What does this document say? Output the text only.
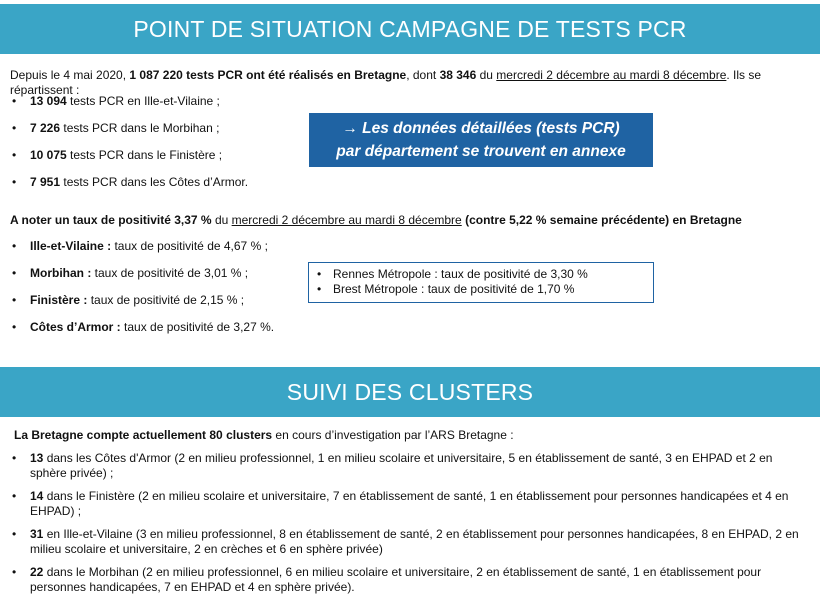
POINT DE SITUATION CAMPAGNE DE TESTS PCR
Depuis le 4 mai 2020, 1 087 220 tests PCR ont été réalisés en Bretagne, dont 38 346 du mercredi 2 décembre au mardi 8 décembre. Ils se répartissent :
• 13 094 tests PCR en Ille-et-Vilaine ;
• 7 226 tests PCR dans le Morbihan ;
• 10 075 tests PCR dans le Finistère ;
• 7 951 tests PCR dans les Côtes d’Armor.
→ Les données détaillées (tests PCR)
par département se trouvent en annexe
A noter un taux de positivité 3,37 % du mercredi 2 décembre au mardi 8 décembre (contre 5,22 % semaine précédente) en Bretagne
• Ille-et-Vilaine : taux de positivité de 4,67 % ;
• Morbihan : taux de positivité de 3,01 % ;
• Finistère : taux de positivité de 2,15 % ;
• Côtes d’Armor : taux de positivité de 3,27 %.
• Rennes Métropole : taux de positivité de 3,30 %
• Brest Métropole : taux de positivité de 1,70 %
SUIVI DES CLUSTERS
La Bretagne compte actuellement 80 clusters en cours d’investigation par l’ARS Bretagne :
• 13 dans les Côtes d'Armor (2 en milieu professionnel, 1 en milieu scolaire et universitaire, 5 en établissement de santé, 3 en EHPAD et 2 en sphère privée) ;
• 14 dans le Finistère (2 en milieu scolaire et universitaire, 7 en établissement de santé, 1 en établissement pour personnes handicapées et 4 en EHPAD) ;
• 31 en Ille-et-Vilaine (3 en milieu professionnel, 8 en établissement de santé, 2 en établissement pour personnes handicapées, 8 en EHPAD, 2 en milieu scolaire et universitaire, 2 en crèches et 6 en sphère privée)
• 22 dans le Morbihan (2 en milieu professionnel, 6 en milieu scolaire et universitaire, 2 en établissement de santé, 1 en établissement pour personnes handicapées, 7 en EHPAD et 4 en sphère privée).
